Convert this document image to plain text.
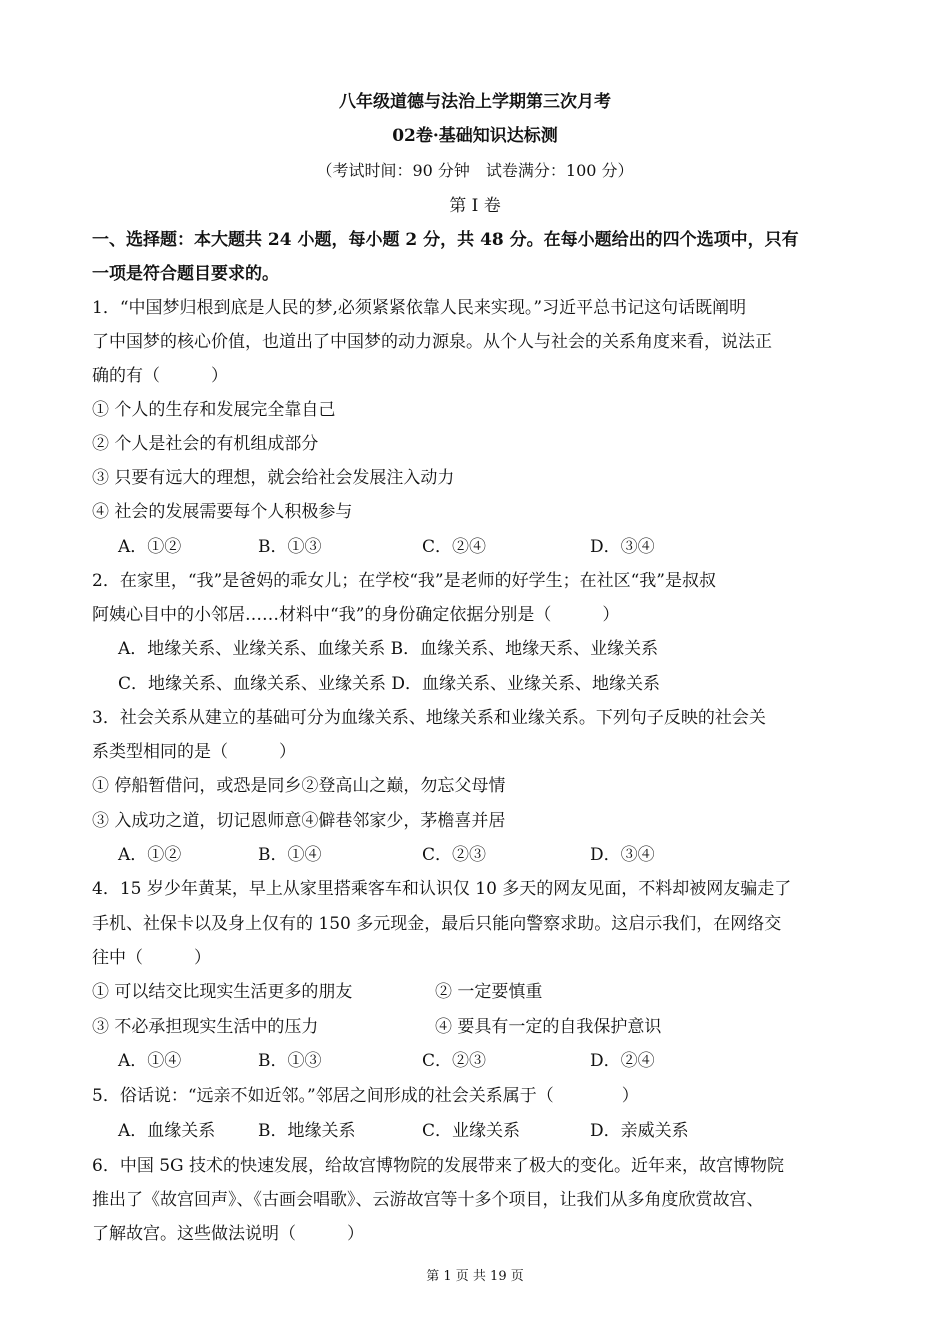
八年级道德与法治上学期第三次月考
02卷·基础知识达标测
（考试时间：90 分钟　试卷满分：100 分）
第 I 卷
一、选择题：本大题共 24 小题，每小题 2 分，共 48 分。在每小题给出的四个选项中，只有
一项是符合题目要求的。
1．“中国梦归根到底是人民的梦,必须紧紧依靠人民来实现。”习近平总书记这句话既阐明
了中国梦的核心价值，也道出了中国梦的动力源泉。从个人与社会的关系角度来看，说法正
确的有（　　　）
① 个人的生存和发展完全靠自己
② 个人是社会的有机组成部分
③ 只要有远大的理想，就会给社会发展注入动力
④ 社会的发展需要每个人积极参与
A．①②	B．①③	C．②④	D．③④
2．在家里，“我”是爸妈的乖女儿；在学校“我”是老师的好学生；在社区“我”是叔叔
阿姨心目中的小邻居……材料中“我”的身份确定依据分别是（　　　）
A．地缘关系、业缘关系、血缘关系 B．血缘关系、地缘天系、业缘关系
C．地缘关系、血缘关系、业缘关系 D．血缘关系、业缘关系、地缘关系
3．社会关系从建立的基础可分为血缘关系、地缘关系和业缘关系。下列句子反映的社会关
系类型相同的是（　　　）
① 停船暂借问，或恐是同乡②登高山之巅，勿忘父母情
③ 入成功之道，切记恩师意④僻巷邻家少，茅檐喜并居
A．①②	B．①④	C．②③	D．③④
4．15 岁少年黄某，早上从家里搭乘客车和认识仅 10 多天的网友见面，不料却被网友骗走了
手机、社保卡以及身上仅有的 150 多元现金，最后只能向警察求助。这启示我们，在网络交
往中（　　　）
① 可以结交比现实生活更多的朋友	② 一定要慎重
③ 不必承担现实生活中的压力	④ 要具有一定的自我保护意识
A．①④	B．①③	C．②③	D．②④
5．俗话说：“远亲不如近邻。”邻居之间形成的社会关系属于（　　　　）
A．血缘关系	B．地缘关系	C．业缘关系	D．亲威关系
6．中国 5G 技术的快速发展，给故宫博物院的发展带来了极大的变化。近年来，故宫博物院
推出了《故宫回声》、《古画会唱歌》、云游故宫等十多个项目，让我们从多角度欣赏故宫、
了解故宫。这些做法说明（　　　）
第 1 页 共 19 页
